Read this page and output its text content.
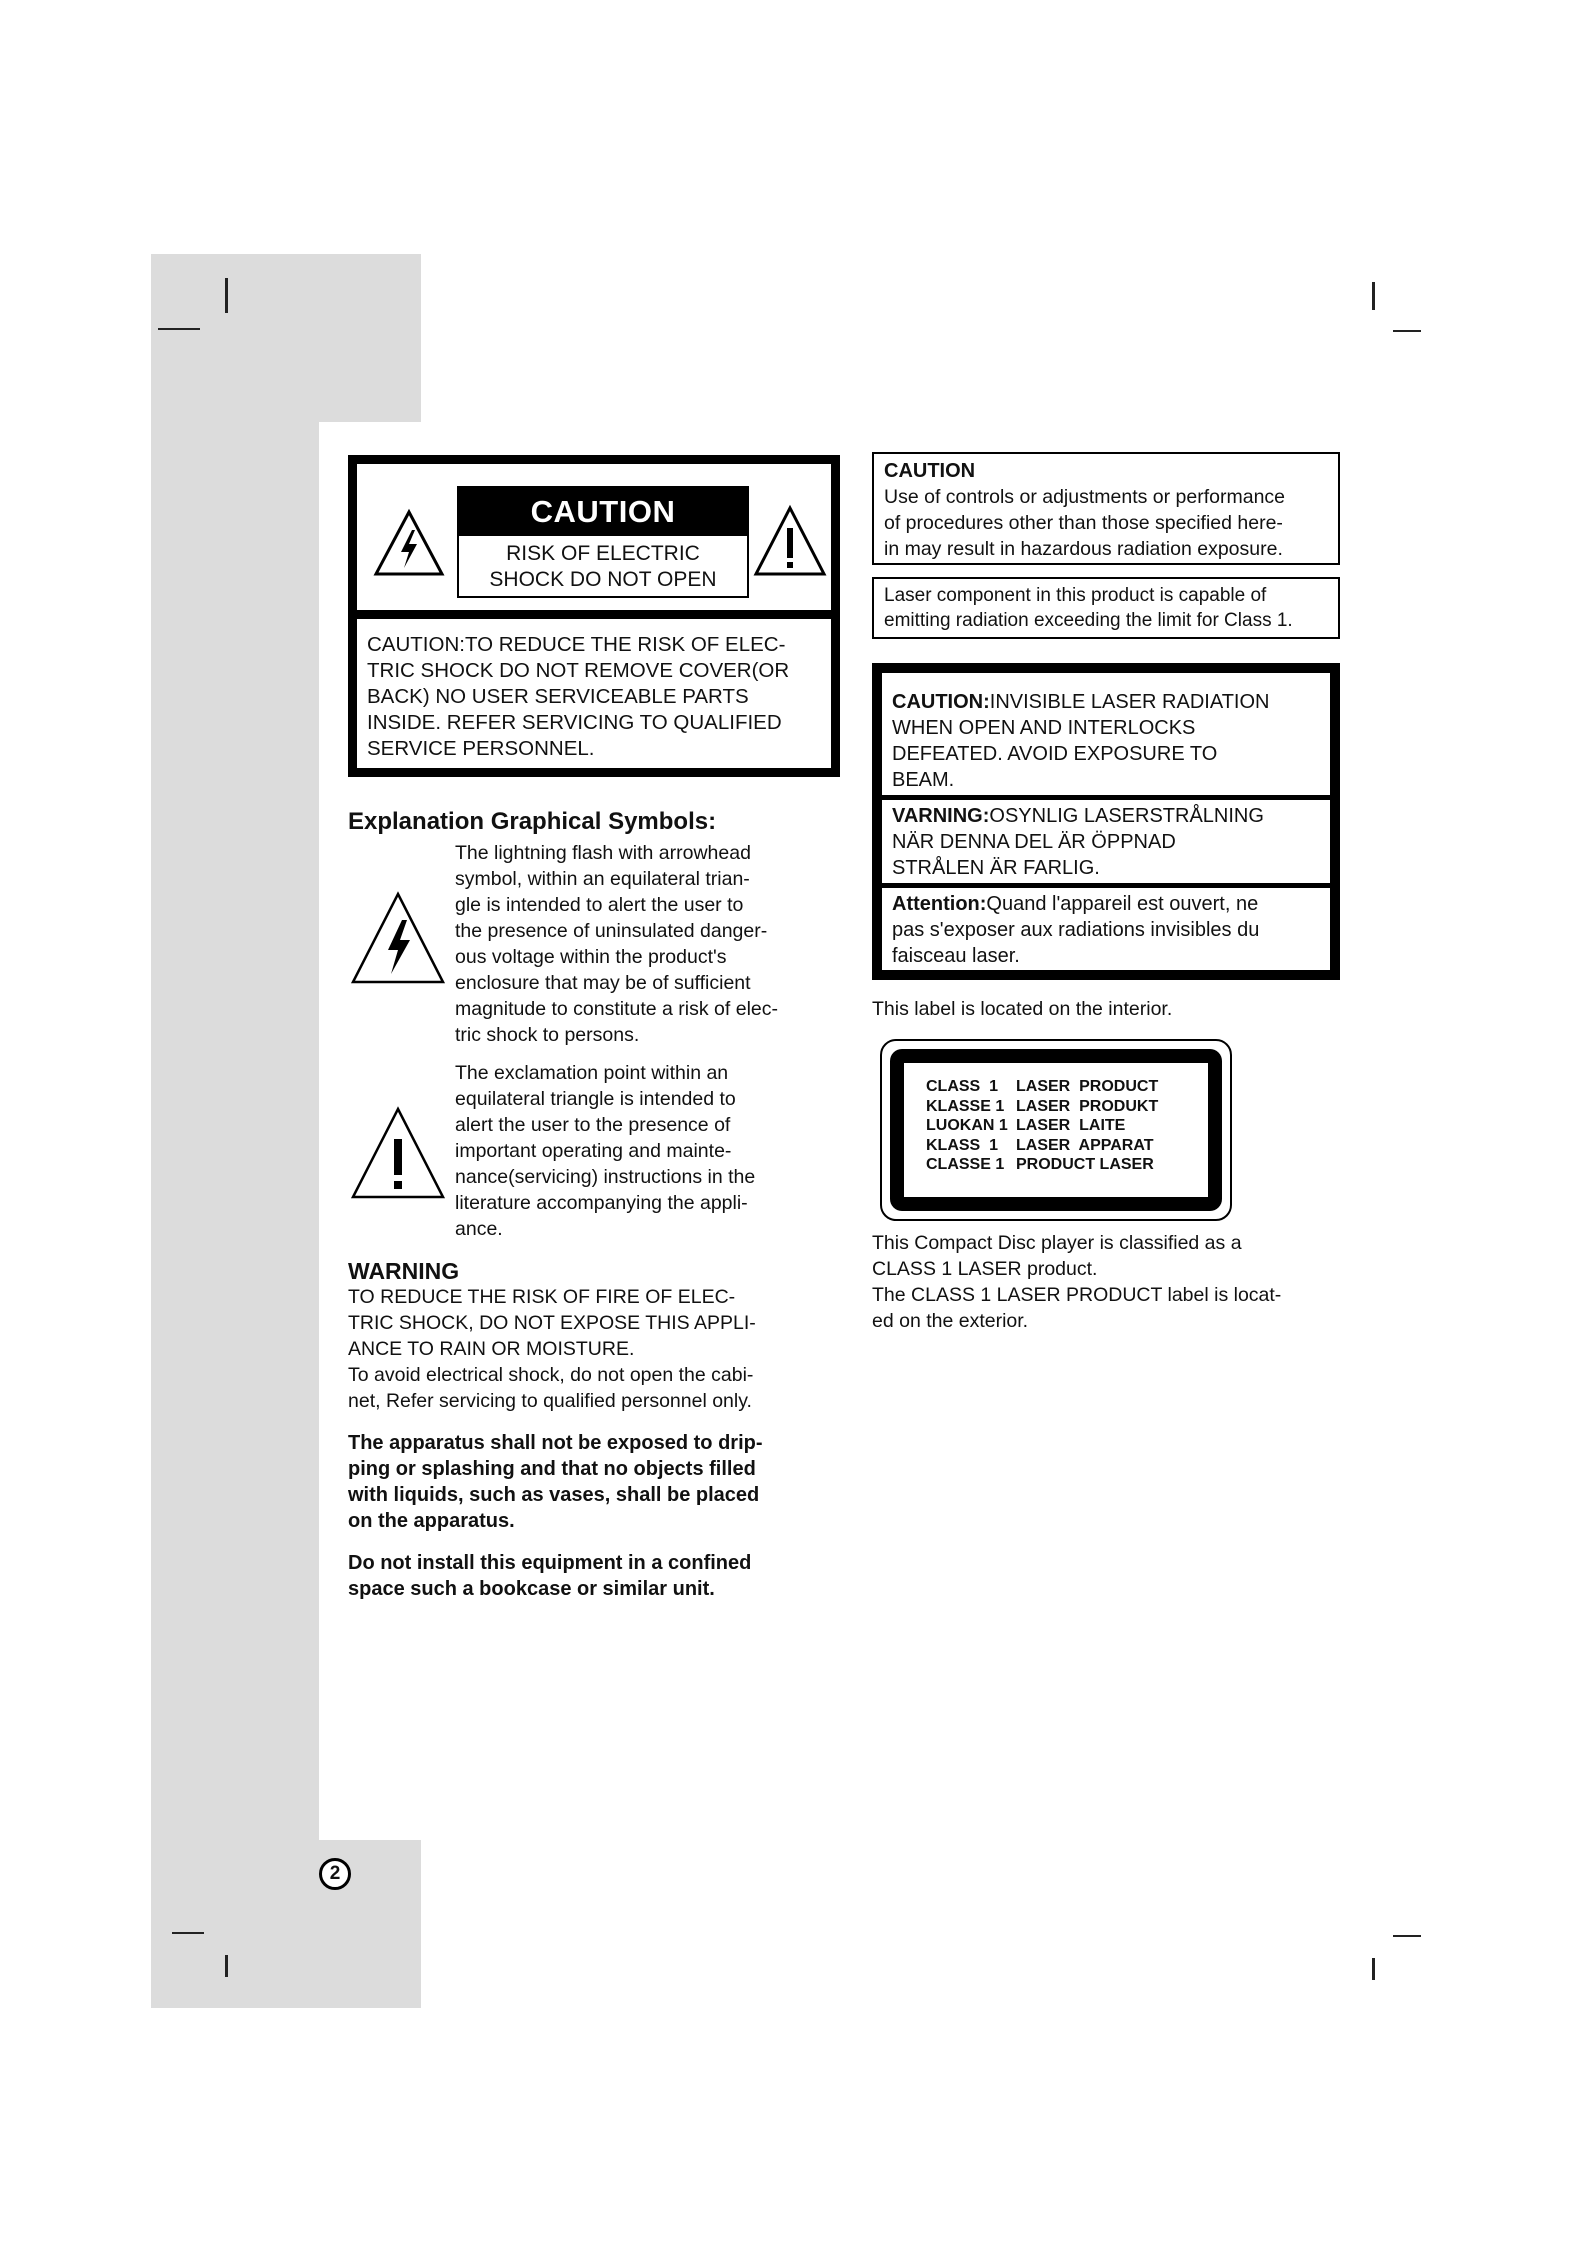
CAUTION
RISK OF ELECTRIC
SHOCK DO NOT OPEN
CAUTION:TO REDUCE THE RISK OF ELEC-
TRIC SHOCK DO NOT REMOVE COVER(OR
BACK) NO USER SERVICEABLE PARTS
INSIDE. REFER SERVICING TO QUALIFIED
SERVICE PERSONNEL.
Explanation Graphical Symbols:
The lightning flash with arrowhead
symbol, within an equilateral trian-
gle is intended to alert the user to
the presence of uninsulated danger-
ous voltage within the product's
enclosure that may be of sufficient
magnitude to constitute a risk of elec-
tric shock to persons.
The exclamation point within an
equilateral triangle is intended to
alert the user to the presence of
important operating and mainte-
nance(servicing) instructions in the
literature accompanying the appli-
ance.
WARNING
TO REDUCE THE RISK OF FIRE OF ELEC-
TRIC SHOCK, DO NOT EXPOSE THIS APPLI-
ANCE TO RAIN OR MOISTURE.
To avoid electrical shock, do not open the cabi-
net, Refer servicing to qualified personnel only.
The apparatus shall not be exposed to drip-
ping or splashing and that no objects filled
with liquids, such as vases, shall be placed
on the apparatus.
Do not install this equipment in a confined
space such a bookcase or similar unit.
CAUTION
Use of controls or adjustments or performance
of procedures other than those specified here-
in may result in hazardous radiation exposure.
Laser component in this product is capable of
emitting radiation exceeding the limit for Class 1.
CAUTION:INVISIBLE LASER RADIATION
WHEN OPEN AND INTERLOCKS
DEFEATED. AVOID EXPOSURE TO
BEAM.
VARNING:OSYNLIG LASERSTRÅLNING
NÄR DENNA DEL ÄR ÖPPNAD
STRÅLEN ÄR FARLIG.
Attention:Quand l'appareil est ouvert, ne
pas s'exposer aux radiations invisibles du
faisceau laser.
This label is located on the interior.
CLASS  1 LASER  PRODUCT
KLASSE 1 LASER  PRODUKT
LUOKAN 1 LASER  LAITE
KLASS  1 LASER  APPARAT
CLASSE 1 PRODUCT LASER
This Compact Disc player is classified as a
CLASS 1 LASER product.
The CLASS 1 LASER PRODUCT label is locat-
ed on the exterior.
2
